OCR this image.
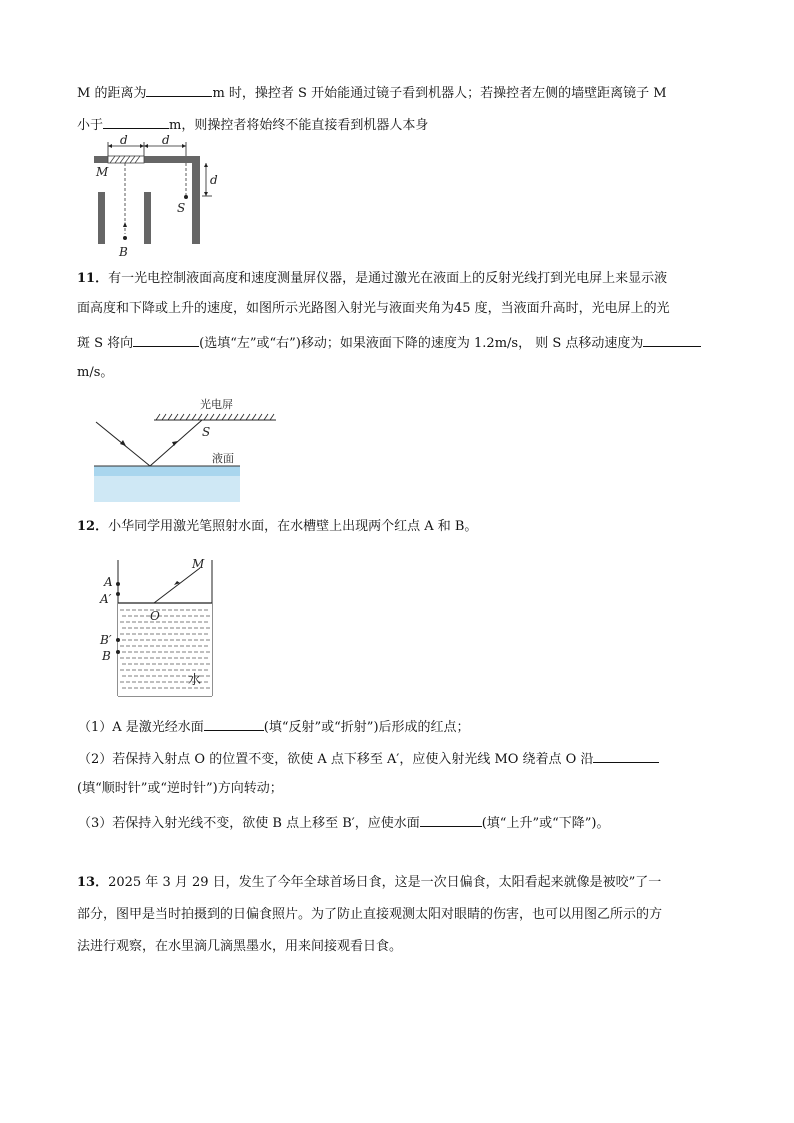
M 的距离为	m 时，操控者 S 开始能通过镜子看到机器人；若操控者左侧的墙壁距离镜子 M
小于	m，则操控者将始终不能直接看到机器人本身
d	d
d
S
B
M
11．有一光电控制液面高度和速度测量屏仪器，是通过激光在液面上的反射光线打到光电屏上来显示液
面高度和下降或上升的速度，如图所示光路图入射光与液面夹角为45 度，当液面升高时，光电屏上的光
斑 S 将向	(选填“左”或“右”)移动；如果液面下降的速度为 1.2m/s， 则 S 点移动速度为
m/s。
光电屏
液面
S
12．小华同学用激光笔照射水面，在水槽壁上出现两个红点 A 和 B。
A
A′
B′
B
M
O
水
（1）A 是激光经水面	(填“反射”或“折射”)后形成的红点；
（2）若保持入射点 O 的位置不变，欲使 A 点下移至 A′，应使入射光线 MO 绕着点 O 沿
(填“顺时针”或“逆时针”)方向转动；
（3）若保持入射光线不变，欲使 B 点上移至 B′，应使水面	(填“上升”或“下降”)。
13．2025 年 3 月 29 日，发生了今年全球首场日食，这是一次日偏食，太阳看起来就像是被咬”了一
部分，图甲是当时拍摄到的日偏食照片。为了防止直接观测太阳对眼睛的伤害，也可以用图乙所示的方
法进行观察，在水里滴几滴黑墨水，用来间接观看日食。
